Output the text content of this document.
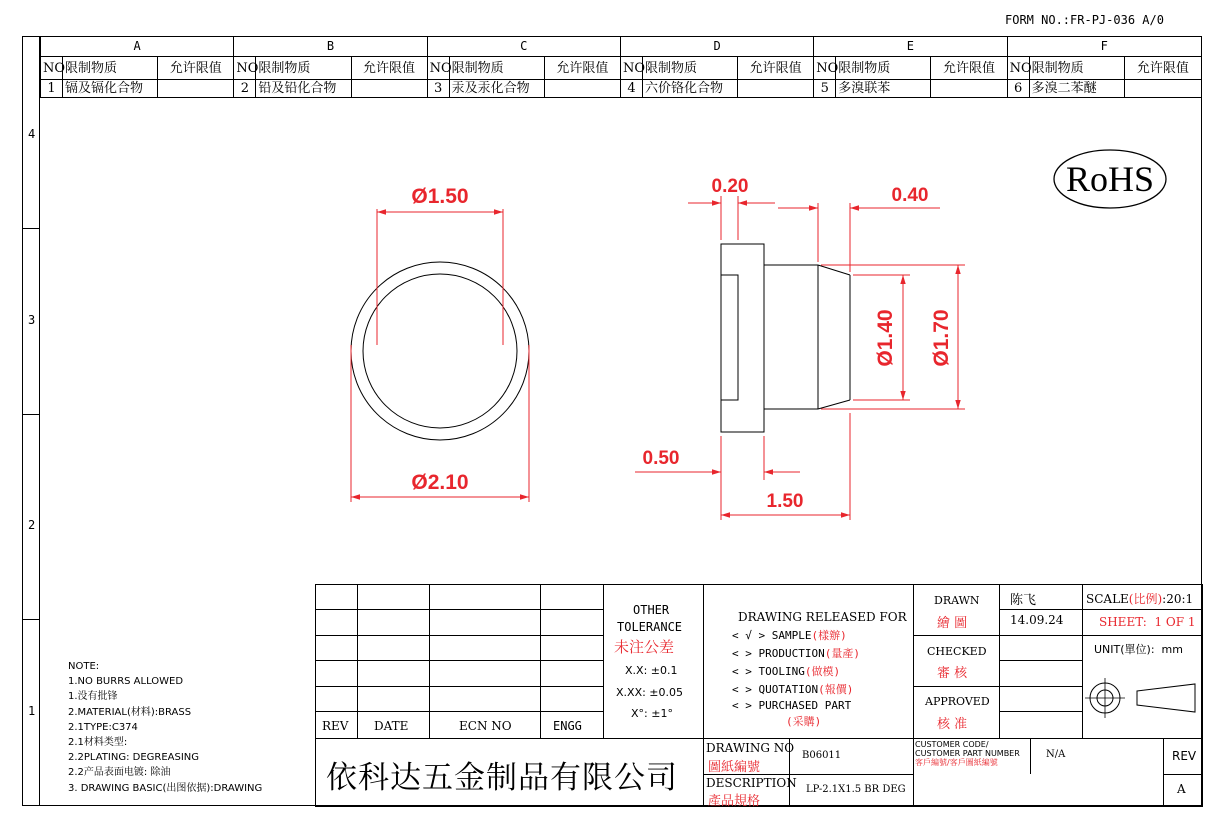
FORM NO.:FR-PJ-036 A/0
4
3
2
1
A			B			C			D			E			F		
NO	限制物质	允许限值	NO	限制物质	允许限值	NO	限制物质	允许限值	NO	限制物质	允许限值	NO	限制物质	允许限值	NO	限制物质	允许限值
1	镉及镉化合物		2	铅及铅化合物		3	汞及汞化合物		4	六价铬化合物		5	多溴联苯		6	多溴二苯醚	
RoHS
Ø1.50
Ø2.10
0.20	0.40
0.50
1.50
Ø1.40 Ø1.70
NOTE:
1.NO BURRS ALLOWED
1.没有批锋
2.MATERIAL(材料):BRASS
2.1TYPE:C374
2.1材料类型:
2.2PLATING: DEGREASING
2.2产品表面电镀: 除油
3. DRAWING BASIC(出图依据):DRAWING
REV DATE	ECN NO	ENGG
OTHER
TOLERANCE
未注公差
X.X: ±0.1
X.XX: ±0.05
X°: ±1°
DRAWING RELEASED FOR
< √ > SAMPLE(樣辦)
< > PRODUCTION(量產)
< > TOOLING(做模)
< > QUOTATION(報價)
< > PURCHASED PART
(采購)
DRAWN
繪 圖
CHECKED
審 核
APPROVED
核 准
陈飞
14.09.24
SCALE(比例):20:1
SHEET: 1 OF 1
UNIT(單位): mm
依科达五金制品有限公司
DRAWING NO
圖紙編號
B06011
DESCRIPTION
產品規格
LP-2.1X1.5 BR DEG
CUSTOMER CODE/
CUSTOMER PART NUMBER
客戶編號/客戶圖紙編號
N/A	REV
A
